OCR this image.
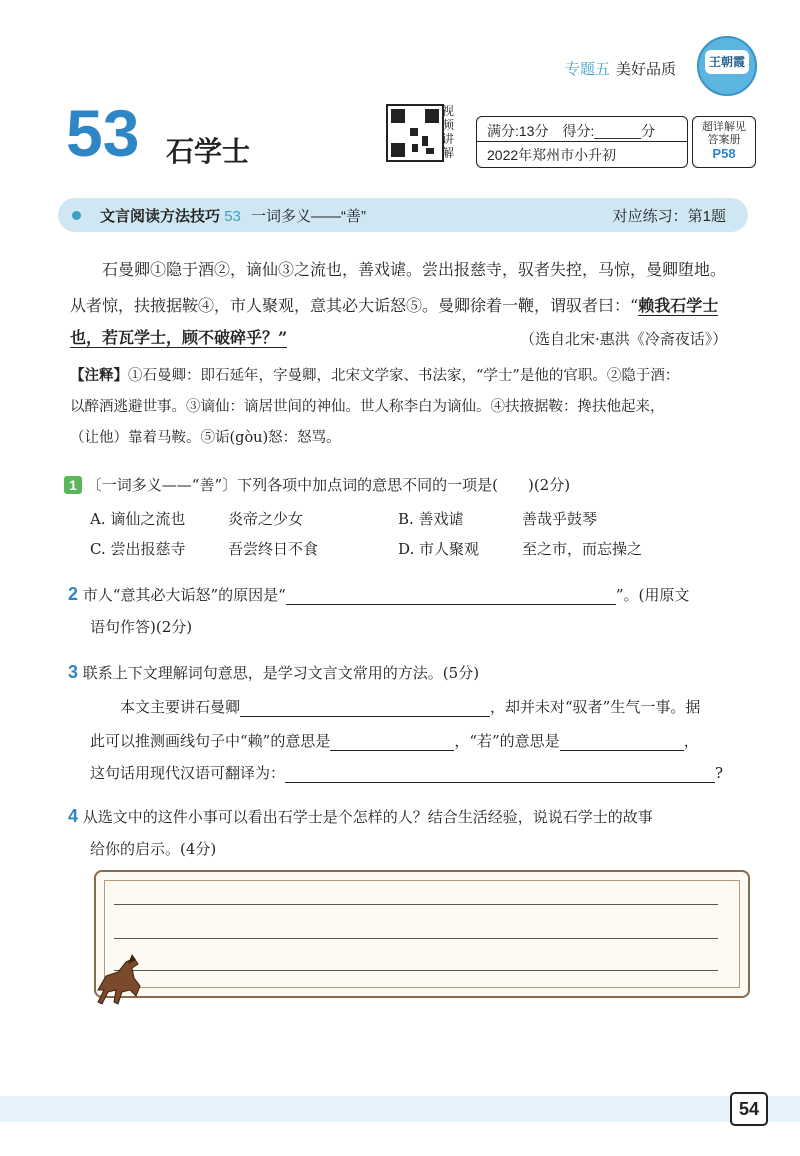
专题五 美好品质	王朝霞
53 石学士
视频讲解
满分:13分　得分:______分
2022年郑州市小升初
超详解见
答案册
P58
文言阅读方法技巧 53 一词多义——“善”	对应练习：第1题
石曼卿①隐于酒②，谪仙③之流也，善戏谑。尝出报慈寺，驭者失控，马惊，曼卿堕地。
从者惊，扶掖据鞍④，市人聚观，意其必大诟怒⑤。曼卿徐着一鞭，谓驭者曰：“赖我石学士
也，若瓦学士，顾不破碎乎？”	（选自北宋·惠洪《冷斋夜话》）
【注释】①石曼卿：即石延年，字曼卿，北宋文学家、书法家，“学士”是他的官职。②隐于酒：
以醉酒逃避世事。③谪仙：谪居世间的神仙。世人称李白为谪仙。④扶掖据鞍：搀扶他起来，
（让他）靠着马鞍。⑤诟(gòu)怒：怒骂。
1 〔一词多义——“善”〕下列各项中加点词的意思不同的一项是(　　)(2分)
A. 谪仙之流也	炎帝之少女	B. 善戏谑	善哉乎鼓琴
C. 尝出报慈寺	吾尝终日不食	D. 市人聚观	至之市，而忘操之
2 市人“意其必大诟怒”的原因是“	”。(用原文
语句作答)(2分)
3 联系上下文理解词句意思，是学习文言文常用的方法。(5分)
本文主要讲石曼卿	，却并未对“驭者”生气一事。据
此可以推测画线句子中“赖”的意思是	，“若”的意思是	，
这句话用现代汉语可翻译为：	?
4 从选文中的这件小事可以看出石学士是个怎样的人？结合生活经验，说说石学士的故事
给你的启示。(4分)
54
